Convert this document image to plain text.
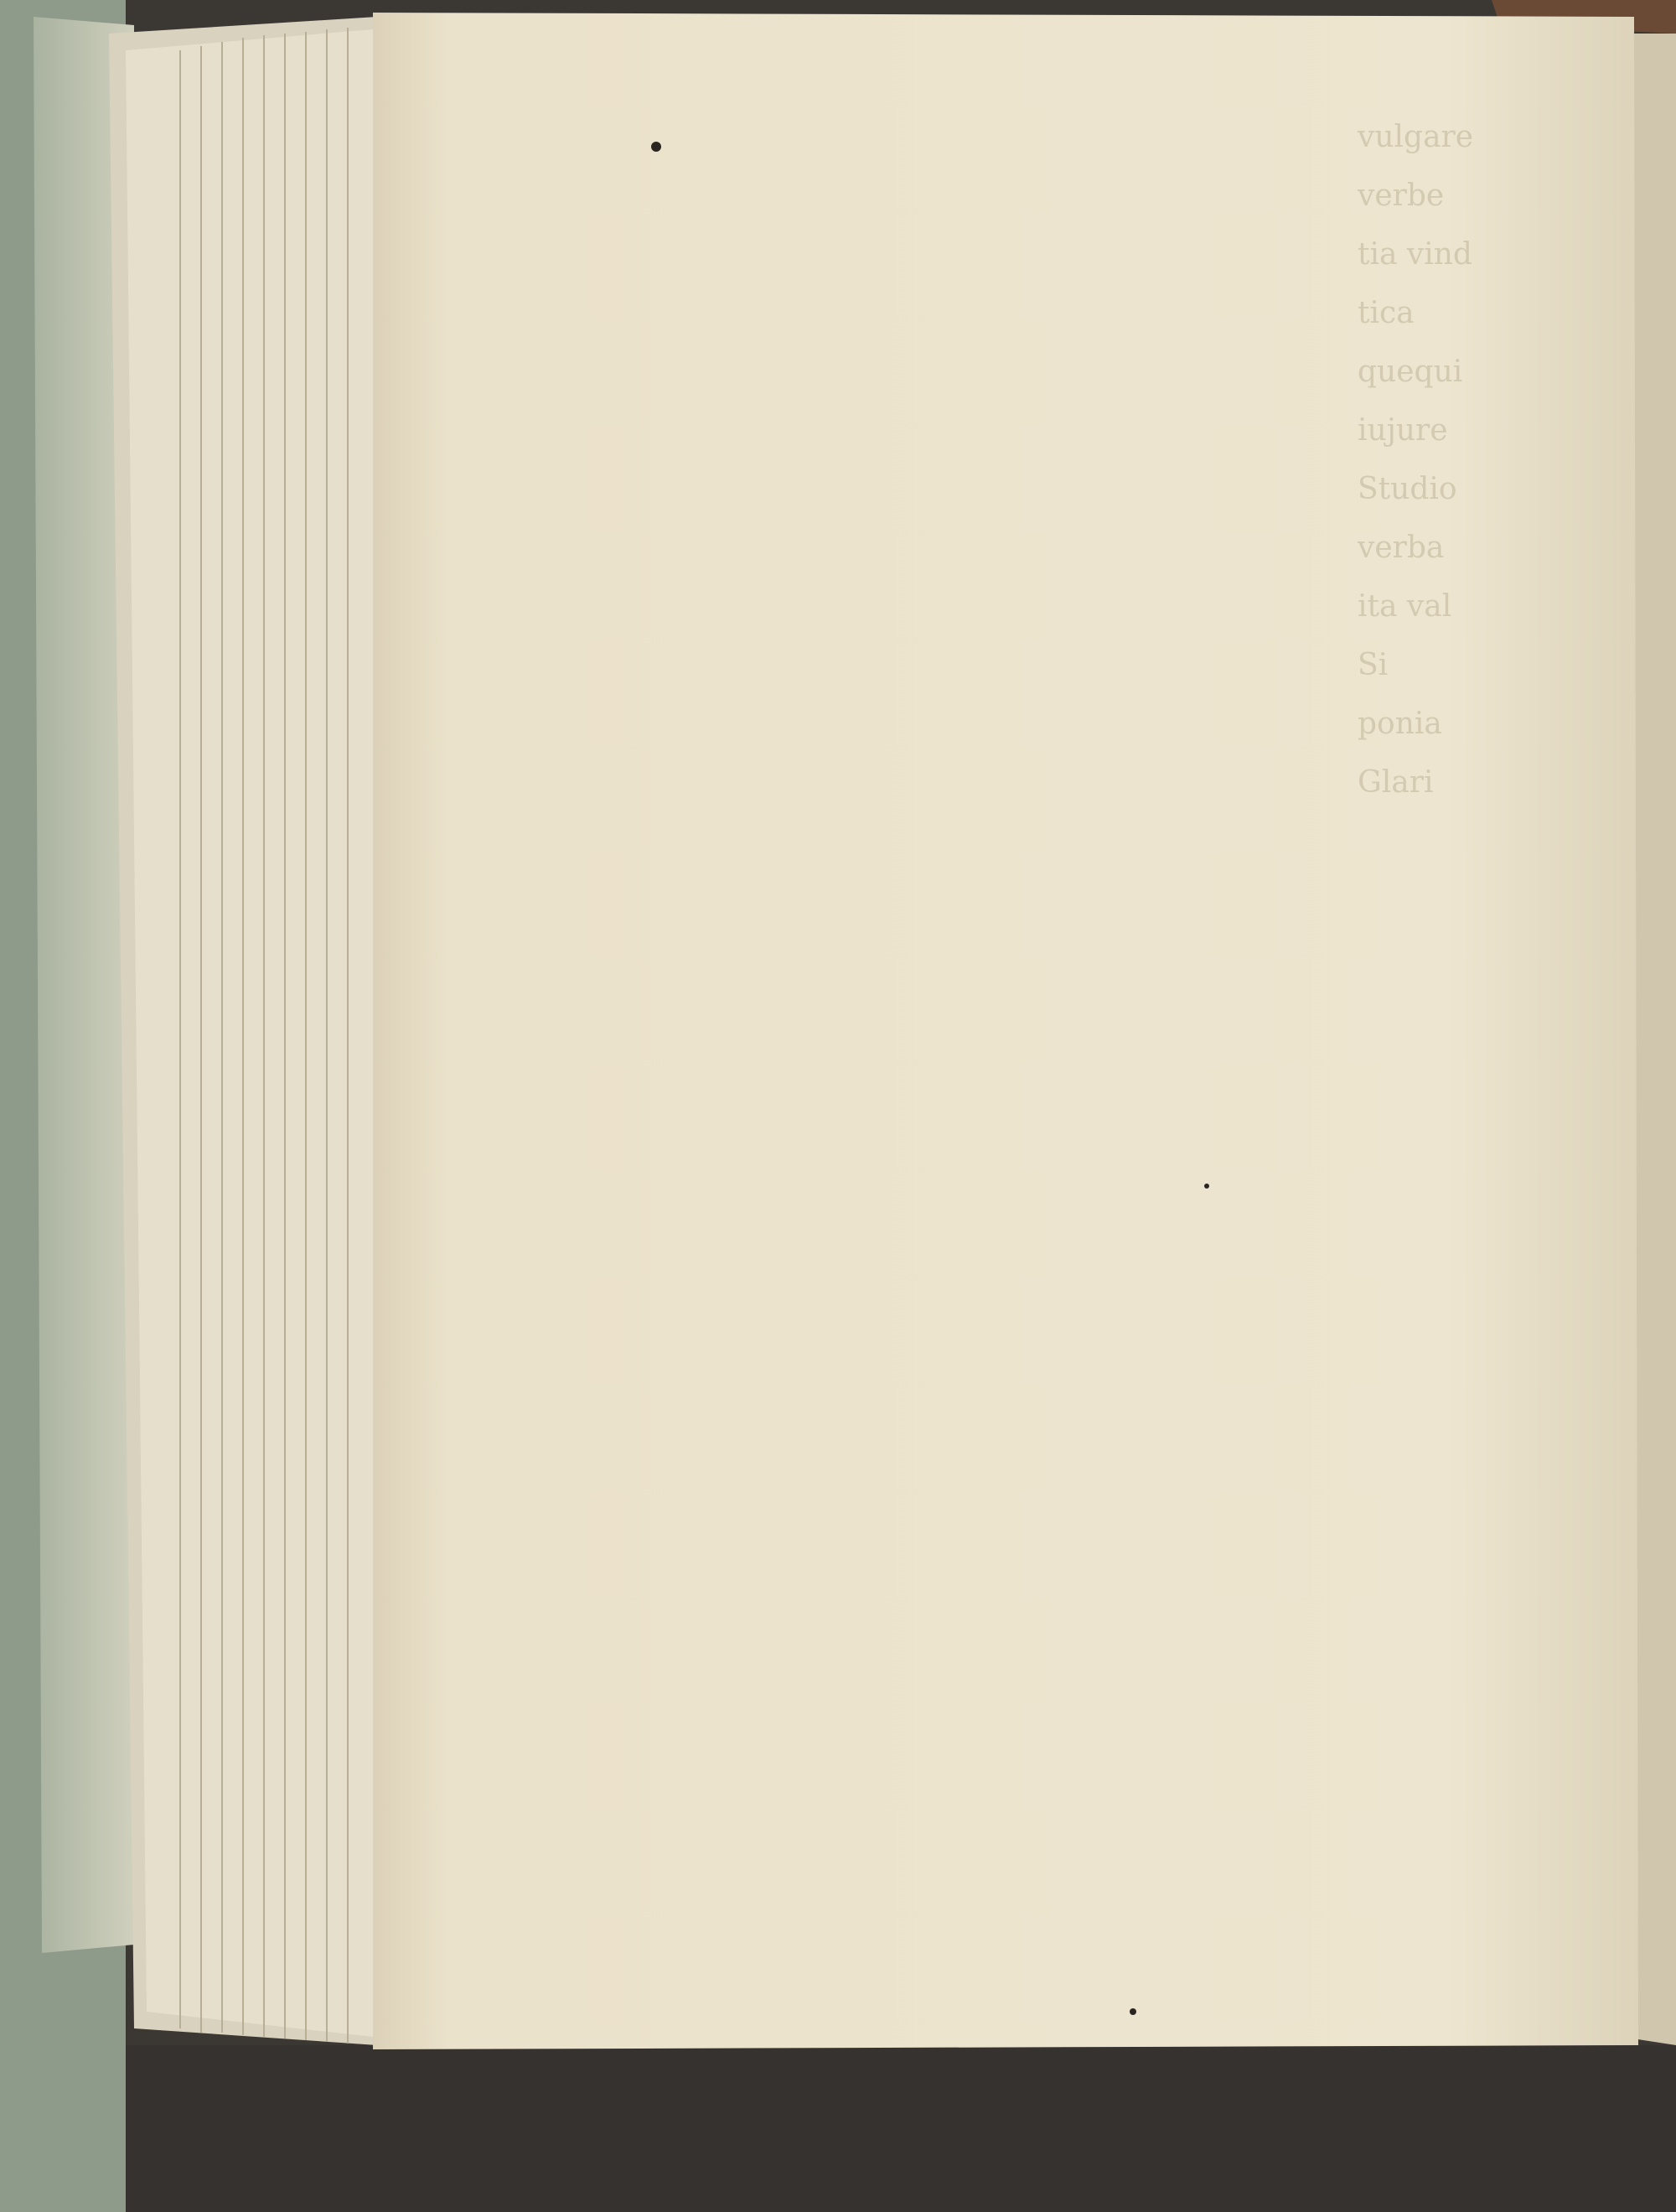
vulgare
verbe
tia vind
tica
quequi
iujure
Studio
verba
ita val
Si
ponia
Glari
